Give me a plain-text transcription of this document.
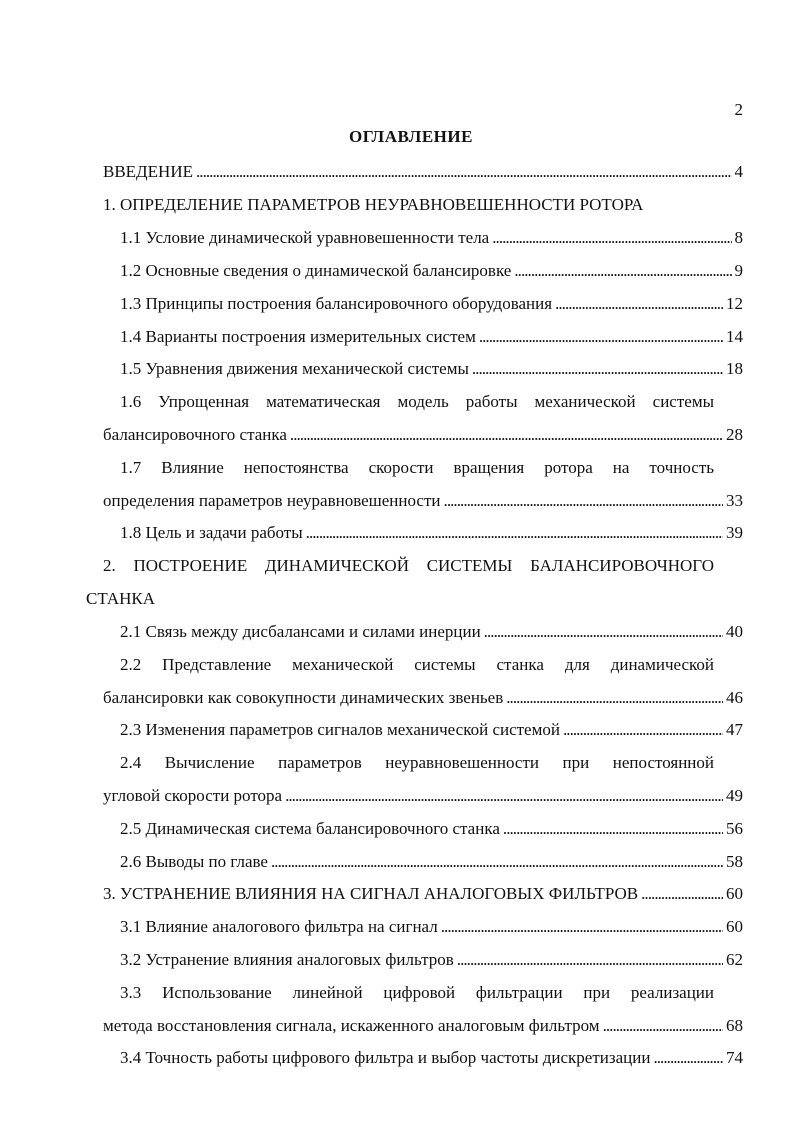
2
ОГЛАВЛЕНИЕ
ВВЕДЕНИЕ . . .	4
1. ОПРЕДЕЛЕНИЕ ПАРАМЕТРОВ НЕУРАВНОВЕШЕННОСТИ РОТОРА
1.1 Условие динамической уравновешенности тела . . .	8
1.2 Основные сведения о динамической балансировке . . .	9
1.3 Принципы построения балансировочного оборудования . . .	12
1.4 Варианты построения измерительных систем . . .	14
1.5 Уравнения движения механической системы . . .	18
1.6 Упрощенная математическая модель работы механической системы
балансировочного станка . . .	28
1.7 Влияние непостоянства скорости вращения ротора на точность
определения параметров неуравновешенности . . .	33
1.8 Цель и задачи работы . . .	39
2. ПОСТРОЕНИЕ ДИНАМИЧЕСКОЙ СИСТЕМЫ БАЛАНСИРОВОЧНОГО
СТАНКА
2.1 Связь между дисбалансами и силами инерции . . .	40
2.2 Представление механической системы станка для динамической
балансировки как совокупности динамических звеньев . . .	46
2.3 Изменения параметров сигналов механической системой . . .	47
2.4 Вычисление параметров неуравновешенности при непостоянной
угловой скорости ротора . . .	49
2.5 Динамическая система балансировочного станка . . .	56
2.6 Выводы по главе . . .	58
3. УСТРАНЕНИЕ ВЛИЯНИЯ НА СИГНАЛ АНАЛОГОВЫХ ФИЛЬТРОВ . . .	60
3.1 Влияние аналогового фильтра на сигнал . . .	60
3.2 Устранение влияния аналоговых фильтров . . .	62
3.3 Использование линейной цифровой фильтрации при реализации
метода восстановления сигнала, искаженного аналоговым фильтром . . .	68
3.4 Точность работы цифрового фильтра и выбор частоты дискретизации . . .	74
